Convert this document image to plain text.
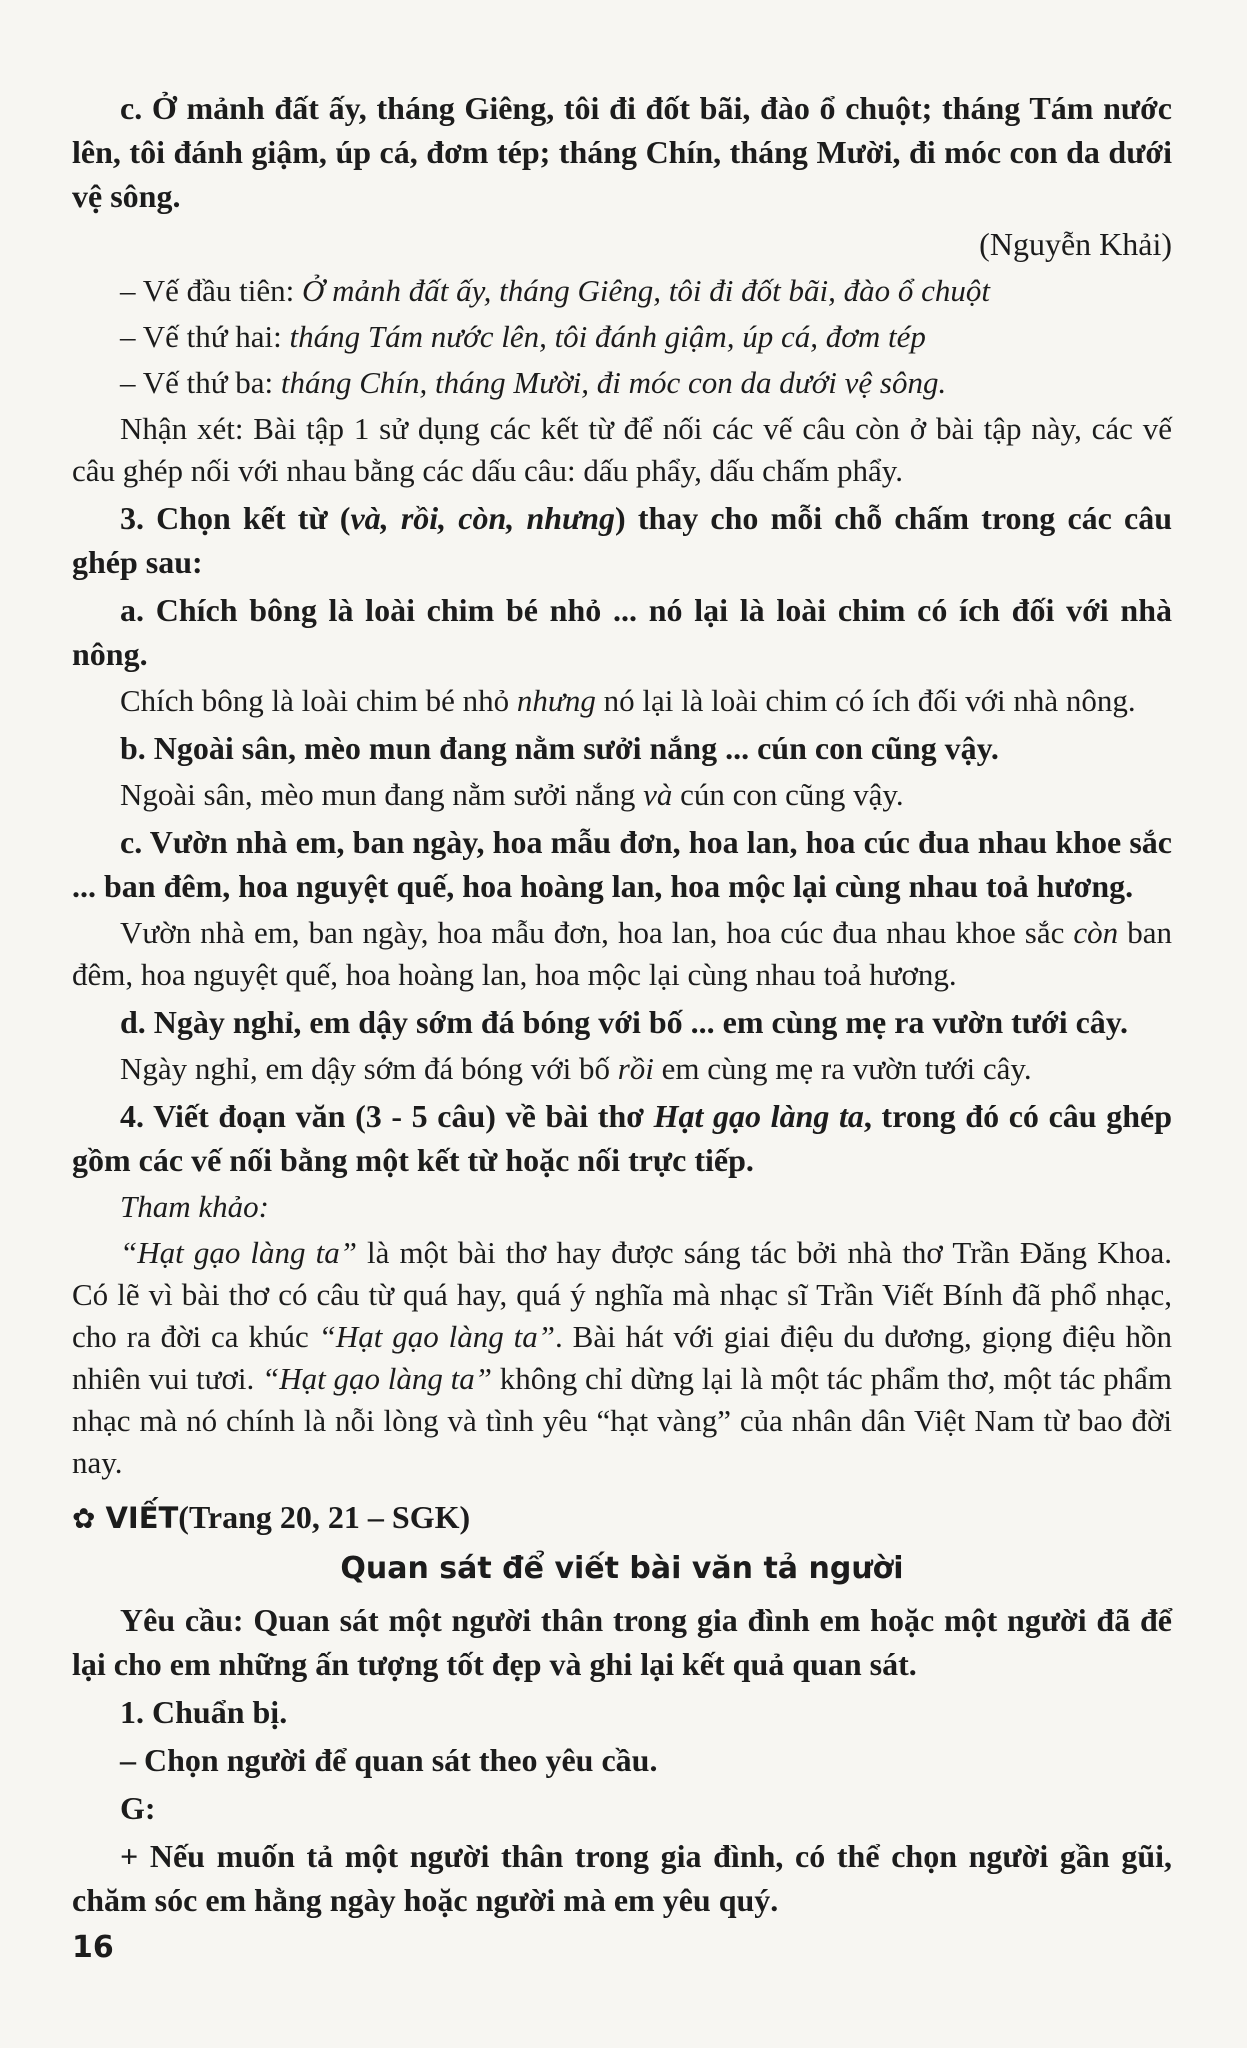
c. Ở mảnh đất ấy, tháng Giêng, tôi đi đốt bãi, đào ổ chuột; tháng Tám nước lên, tôi đánh giậm, úp cá, đơm tép; tháng Chín, tháng Mười, đi móc con da dưới vệ sông.

(Nguyễn Khải)

– Vế đầu tiên: Ở mảnh đất ấy, tháng Giêng, tôi đi đốt bãi, đào ổ chuột

– Vế thứ hai: tháng Tám nước lên, tôi đánh giậm, úp cá, đơm tép

– Vế thứ ba: tháng Chín, tháng Mười, đi móc con da dưới vệ sông.

Nhận xét: Bài tập 1 sử dụng các kết từ để nối các vế câu còn ở bài tập này, các vế câu ghép nối với nhau bằng các dấu câu: dấu phẩy, dấu chấm phẩy.

3. Chọn kết từ (và, rồi, còn, nhưng) thay cho mỗi chỗ chấm trong các câu ghép sau:

a. Chích bông là loài chim bé nhỏ ... nó lại là loài chim có ích đối với nhà nông.

Chích bông là loài chim bé nhỏ nhưng nó lại là loài chim có ích đối với nhà nông.

b. Ngoài sân, mèo mun đang nằm sưởi nắng ... cún con cũng vậy.

Ngoài sân, mèo mun đang nằm sưởi nắng và cún con cũng vậy.

c. Vườn nhà em, ban ngày, hoa mẫu đơn, hoa lan, hoa cúc đua nhau khoe sắc ... ban đêm, hoa nguyệt quế, hoa hoàng lan, hoa mộc lại cùng nhau toả hương.

Vườn nhà em, ban ngày, hoa mẫu đơn, hoa lan, hoa cúc đua nhau khoe sắc còn ban đêm, hoa nguyệt quế, hoa hoàng lan, hoa mộc lại cùng nhau toả hương.

d. Ngày nghỉ, em dậy sớm đá bóng với bố ... em cùng mẹ ra vườn tưới cây.

Ngày nghỉ, em dậy sớm đá bóng với bố rồi em cùng mẹ ra vườn tưới cây.

4. Viết đoạn văn (3 - 5 câu) về bài thơ Hạt gạo làng ta, trong đó có câu ghép gồm các vế nối bằng một kết từ hoặc nối trực tiếp.

Tham khảo:

“Hạt gạo làng ta” là một bài thơ hay được sáng tác bởi nhà thơ Trần Đăng Khoa. Có lẽ vì bài thơ có câu từ quá hay, quá ý nghĩa mà nhạc sĩ Trần Viết Bính đã phổ nhạc, cho ra đời ca khúc “Hạt gạo làng ta”. Bài hát với giai điệu du dương, giọng điệu hồn nhiên vui tươi. “Hạt gạo làng ta” không chỉ dừng lại là một tác phẩm thơ, một tác phẩm nhạc mà nó chính là nỗi lòng và tình yêu “hạt vàng” của nhân dân Việt Nam từ bao đời nay.

✿ VIẾT(Trang 20, 21 – SGK)
Quan sát để viết bài văn tả người

Yêu cầu: Quan sát một người thân trong gia đình em hoặc một người đã để lại cho em những ấn tượng tốt đẹp và ghi lại kết quả quan sát.

1. Chuẩn bị.

– Chọn người để quan sát theo yêu cầu.

G:

+ Nếu muốn tả một người thân trong gia đình, có thể chọn người gần gũi, chăm sóc em hằng ngày hoặc người mà em yêu quý.

16
